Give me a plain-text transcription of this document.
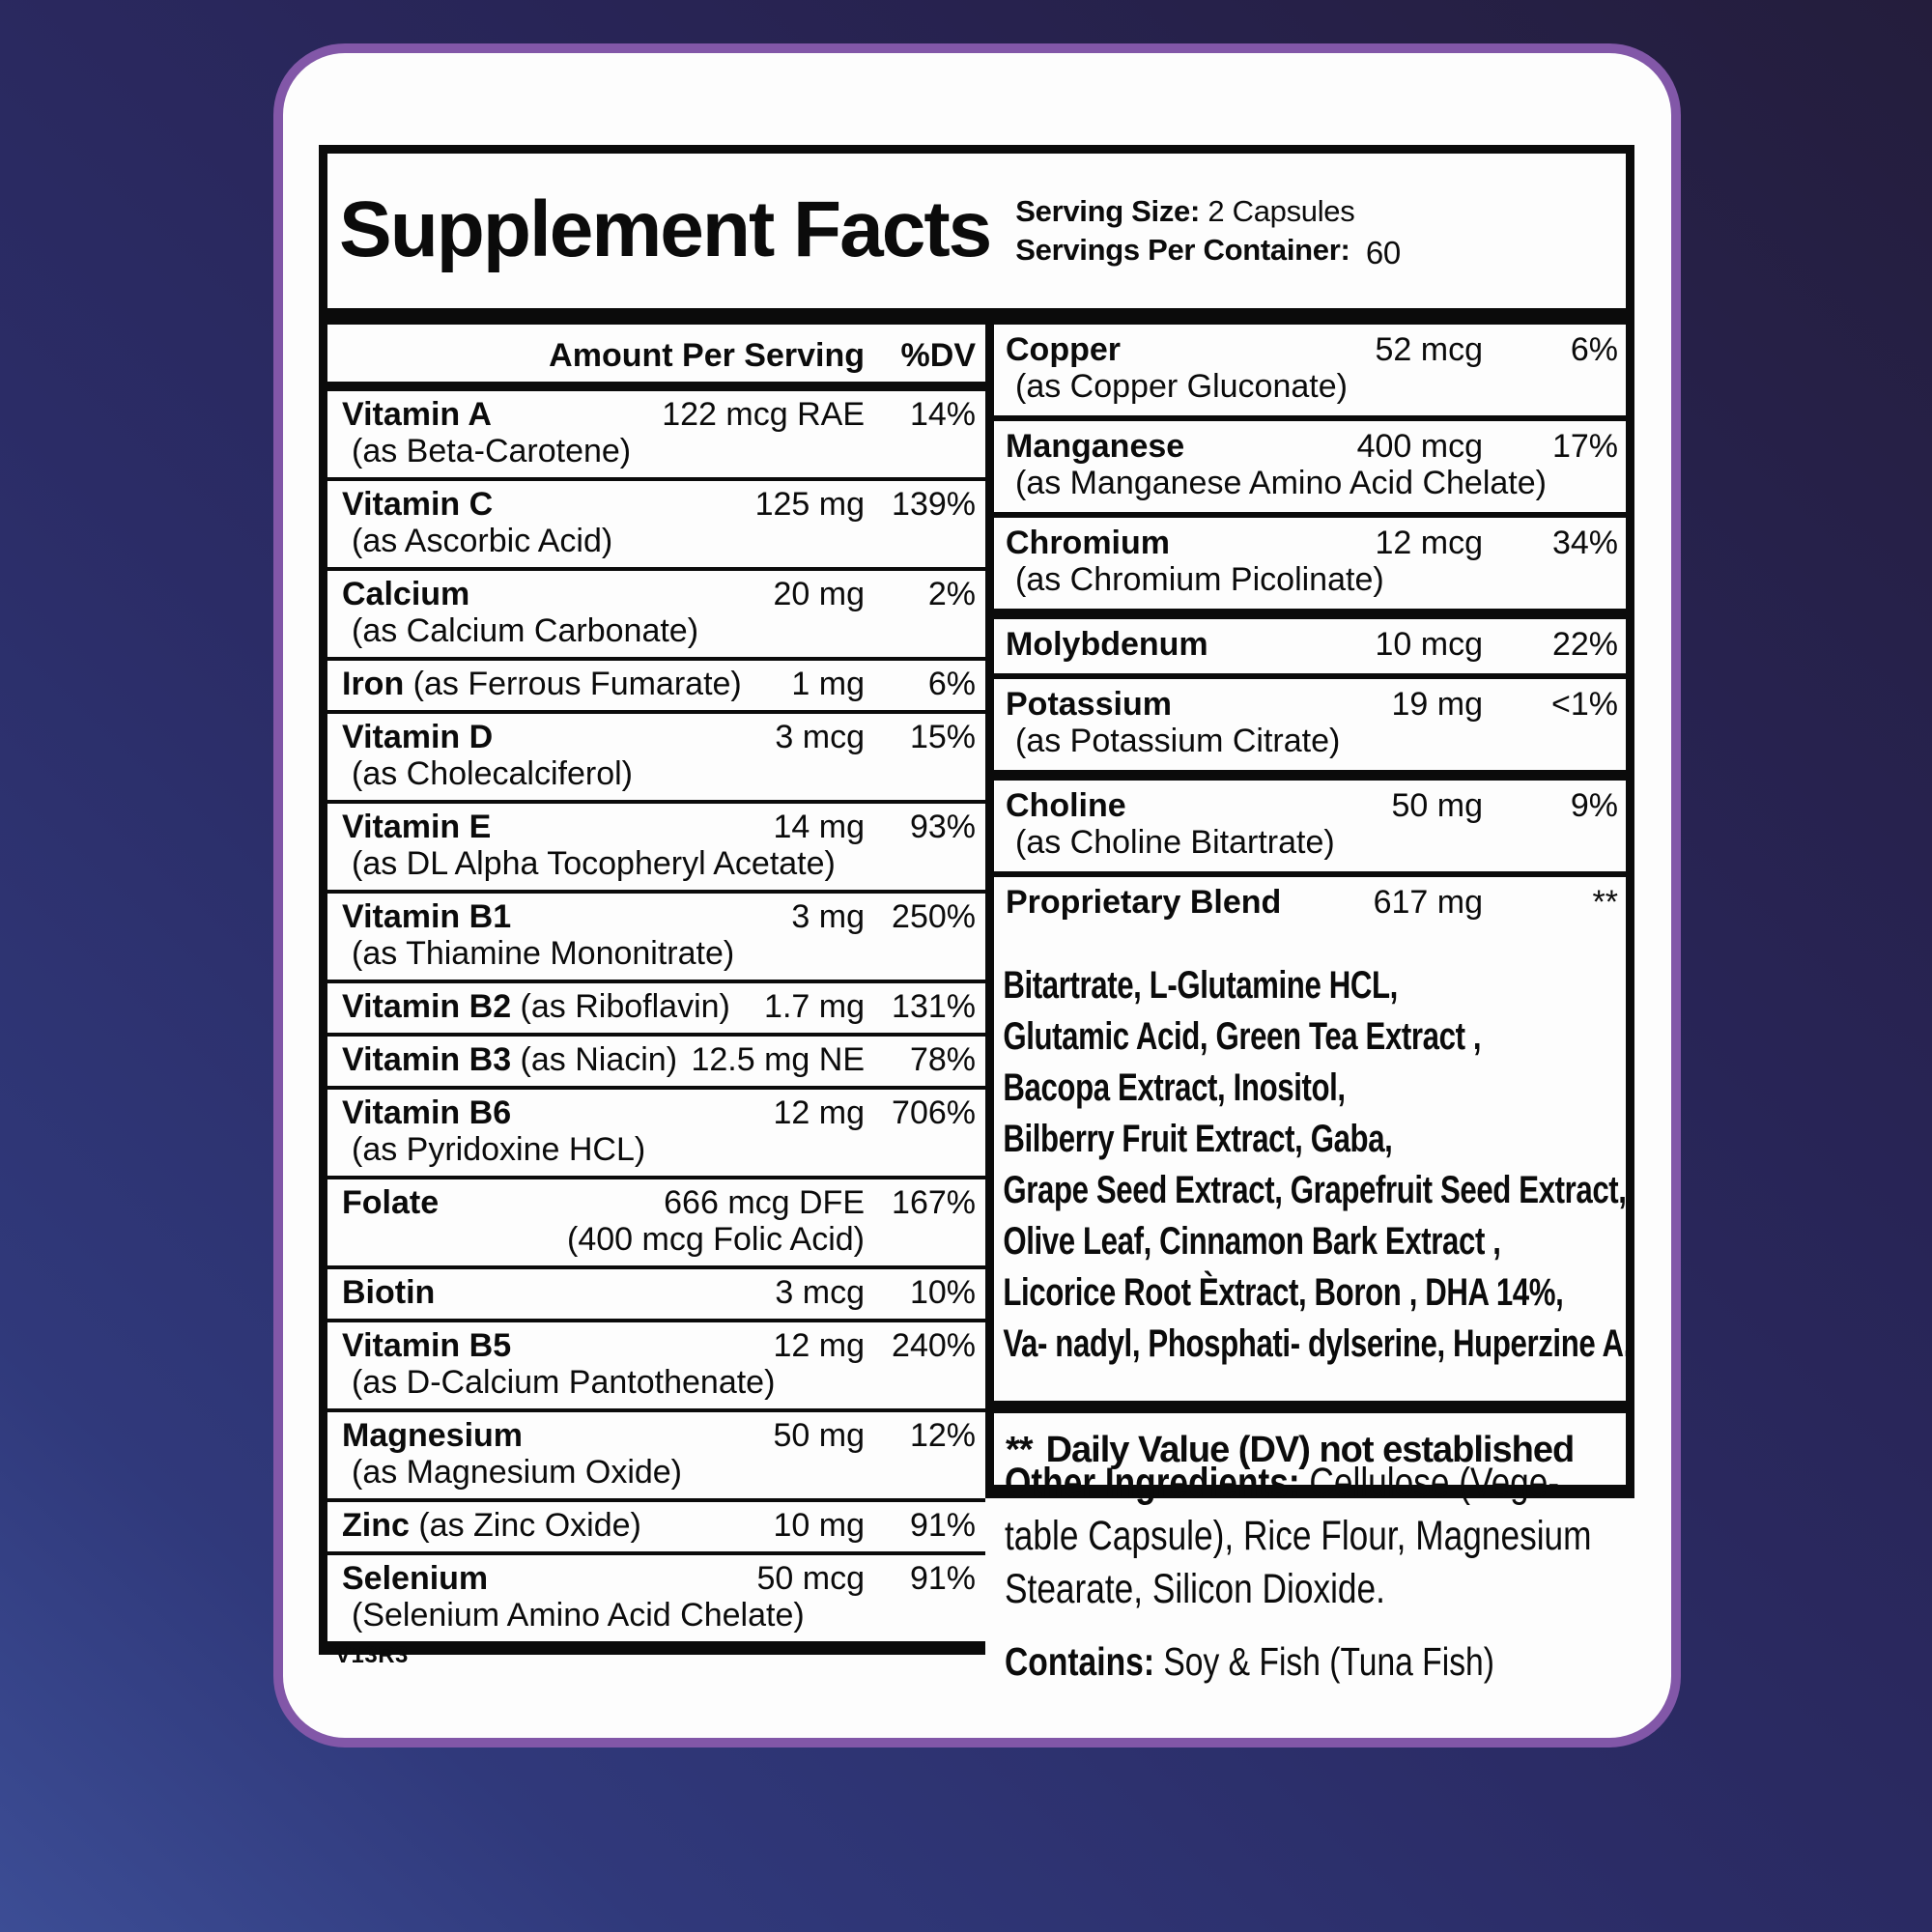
Supplement Facts Serving Size: 2 Capsules
Servings Per Container: 60
Amount Per Serving	%DV
Vitamin A	122 mcg RAE	14%
(as Beta-Carotene)
Vitamin C	125 mg 139%
(as Ascorbic Acid)
Calcium	20 mg	2%
(as Calcium Carbonate)
Iron (as Ferrous Fumarate) 1 mg	6%
Vitamin D	3 mcg	15%
(as Cholecalciferol)
Vitamin E	14 mg	93%
(as DL Alpha Tocopheryl Acetate)
Vitamin B1	3 mg 250%
(as Thiamine Mononitrate)
Vitamin B2 (as Riboflavin) 1.7 mg 131%
Vitamin B3 (as Niacin) 12.5 mg NE	78%
Vitamin B6	12 mg 706%
(as Pyridoxine HCL)
Folate	666 mcg DFE 167%
(400 mcg Folic Acid)
Biotin	3 mcg	10%
Vitamin B5	12 mg 240%
(as D-Calcium Pantothenate)
Magnesium	50 mg	12%
(as Magnesium Oxide)
Zinc (as Zinc Oxide)	10 mg	91%
Selenium	50 mcg	91%
(Selenium Amino Acid Chelate)
Copper	52 mcg	6%
(as Copper Gluconate)
Manganese	400 mcg	17%
(as Manganese Amino Acid Chelate)
Chromium	12 mcg	34%
(as Chromium Picolinate)
Molybdenum	10 mcg	22%
Potassium	19 mg	<1%
(as Potassium Citrate)
Choline	50 mg	9%
(as Choline Bitartrate)
Proprietary Blend	617 mg	**
Bitartrate, L-Glutamine HCL,
Glutamic Acid, Green Tea Extract ,
Bacopa Extract, Inositol,
Bilberry Fruit Extract, Gaba,
Grape Seed Extract, Grapefruit Seed Extract,
Olive Leaf, Cinnamon Bark Extract ,
Licorice Root Èxtract, Boron , DHA 14%,
Va- nadyl, Phosphati- dylserine, Huperzine A.
** Daily Value (DV) not established
Other Ingredients: Cellulose (Vege-
table Capsule), Rice Flour, Magnesium
Stearate, Silicon Dioxide.
Contains: Soy & Fish (Tuna Fish)
V13R3
